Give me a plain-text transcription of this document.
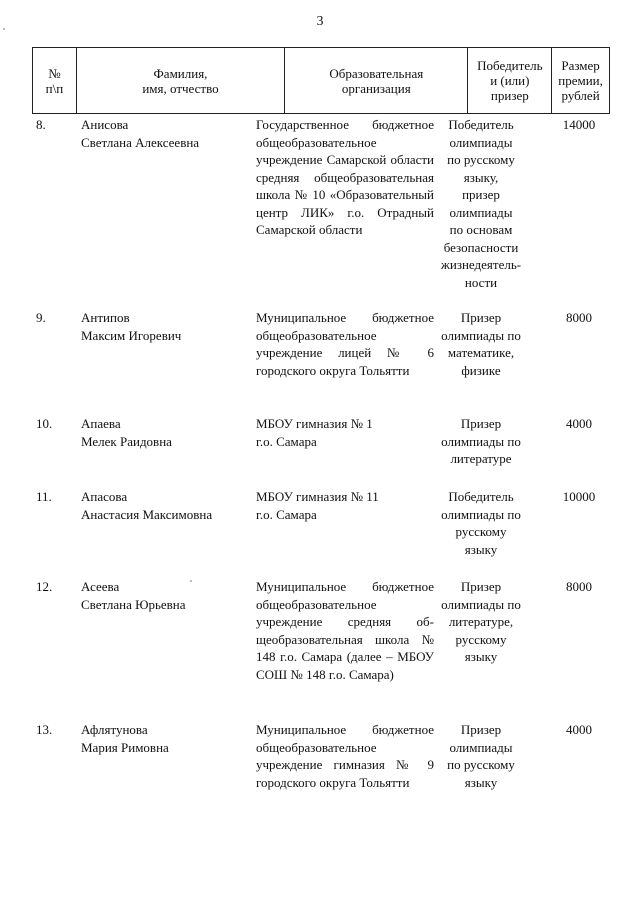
3
№
п\п
Фамилия,
имя, отчество
Образовательная
организация
Победитель
и (или)
призер
Размер
премии,
рублей
8.	Анисова
Светлана Алексеевна
Государственное бюджетное общеобразовательное учреждение Самарской области средняя общеобразовательная школа № 10 «Образовательный центр ЛИК» г.о. Отрадный Самарской области
Победитель
олимпиады
по русскому
языку,
призер
олимпиады
по основам
безопасности
жизнедеятель-
ности
14000
9.	Антипов
Максим Игоревич
Муниципальное бюджетное общеобразовательное учреждение лицей № 6 городского округа Тольятти
Призер
олимпиады по
математике,
физике
8000
10. Апаева
Мелек Раидовна
МБОУ гимназия № 1
г.о. Самара
Призер
олимпиады по
литературе
4000
11. Апасова
Анастасия Максимовна
МБОУ гимназия № 11
г.о. Самара
Победитель
олимпиады по
русскому
языку
10000
12. Асеева
Светлана Юрьевна
Муниципальное бюджетное общеобразовательное учреждение средняя общеобразовательная школа № 148 г.о. Самара (далее – МБОУ СОШ № 148 г.о. Самара)
Призер
олимпиады по
литературе,
русскому
языку
8000
13. Афлятунова
Мария Римовна
Муниципальное бюджетное общеобразовательное учреждение гимназия № 9 городского округа Тольятти
Призер
олимпиады
по русскому
языку
4000
